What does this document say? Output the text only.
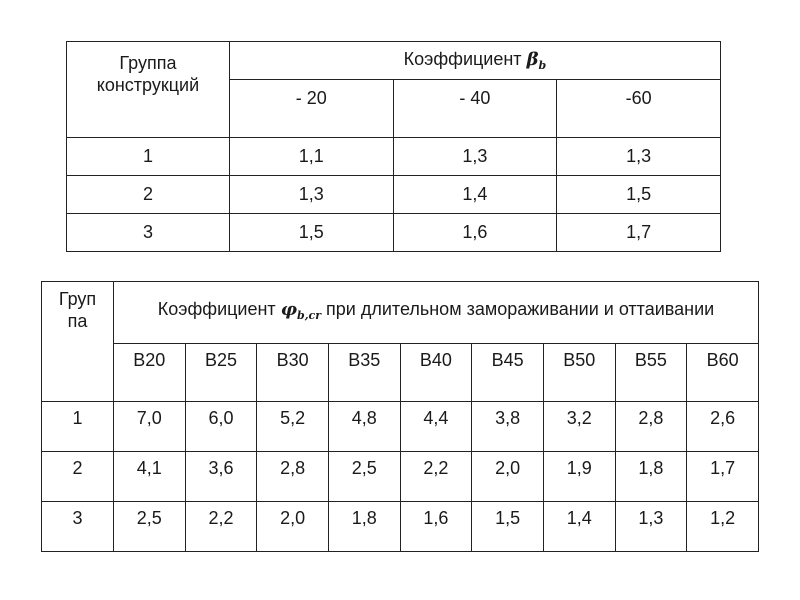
Группа конструкций	Коэффициент $\beta_b$
	- 20	- 40	-60
1	1,1	1,3	1,3
2	1,3	1,4	1,5
3	1,5	1,6	1,7
Груп
па	Коэффициент $\varphi_{b,cr}$ при длительном замораживании и оттаивании								
	B20	B25	B30	B35	B40	B45	B50	B55	B60
1	7,0	6,0	5,2	4,8	4,4	3,8	3,2	2,8	2,6
2	4,1	3,6	2,8	2,5	2,2	2,0	1,9	1,8	1,7
3	2,5	2,2	2,0	1,8	1,6	1,5	1,4	1,3	1,2
